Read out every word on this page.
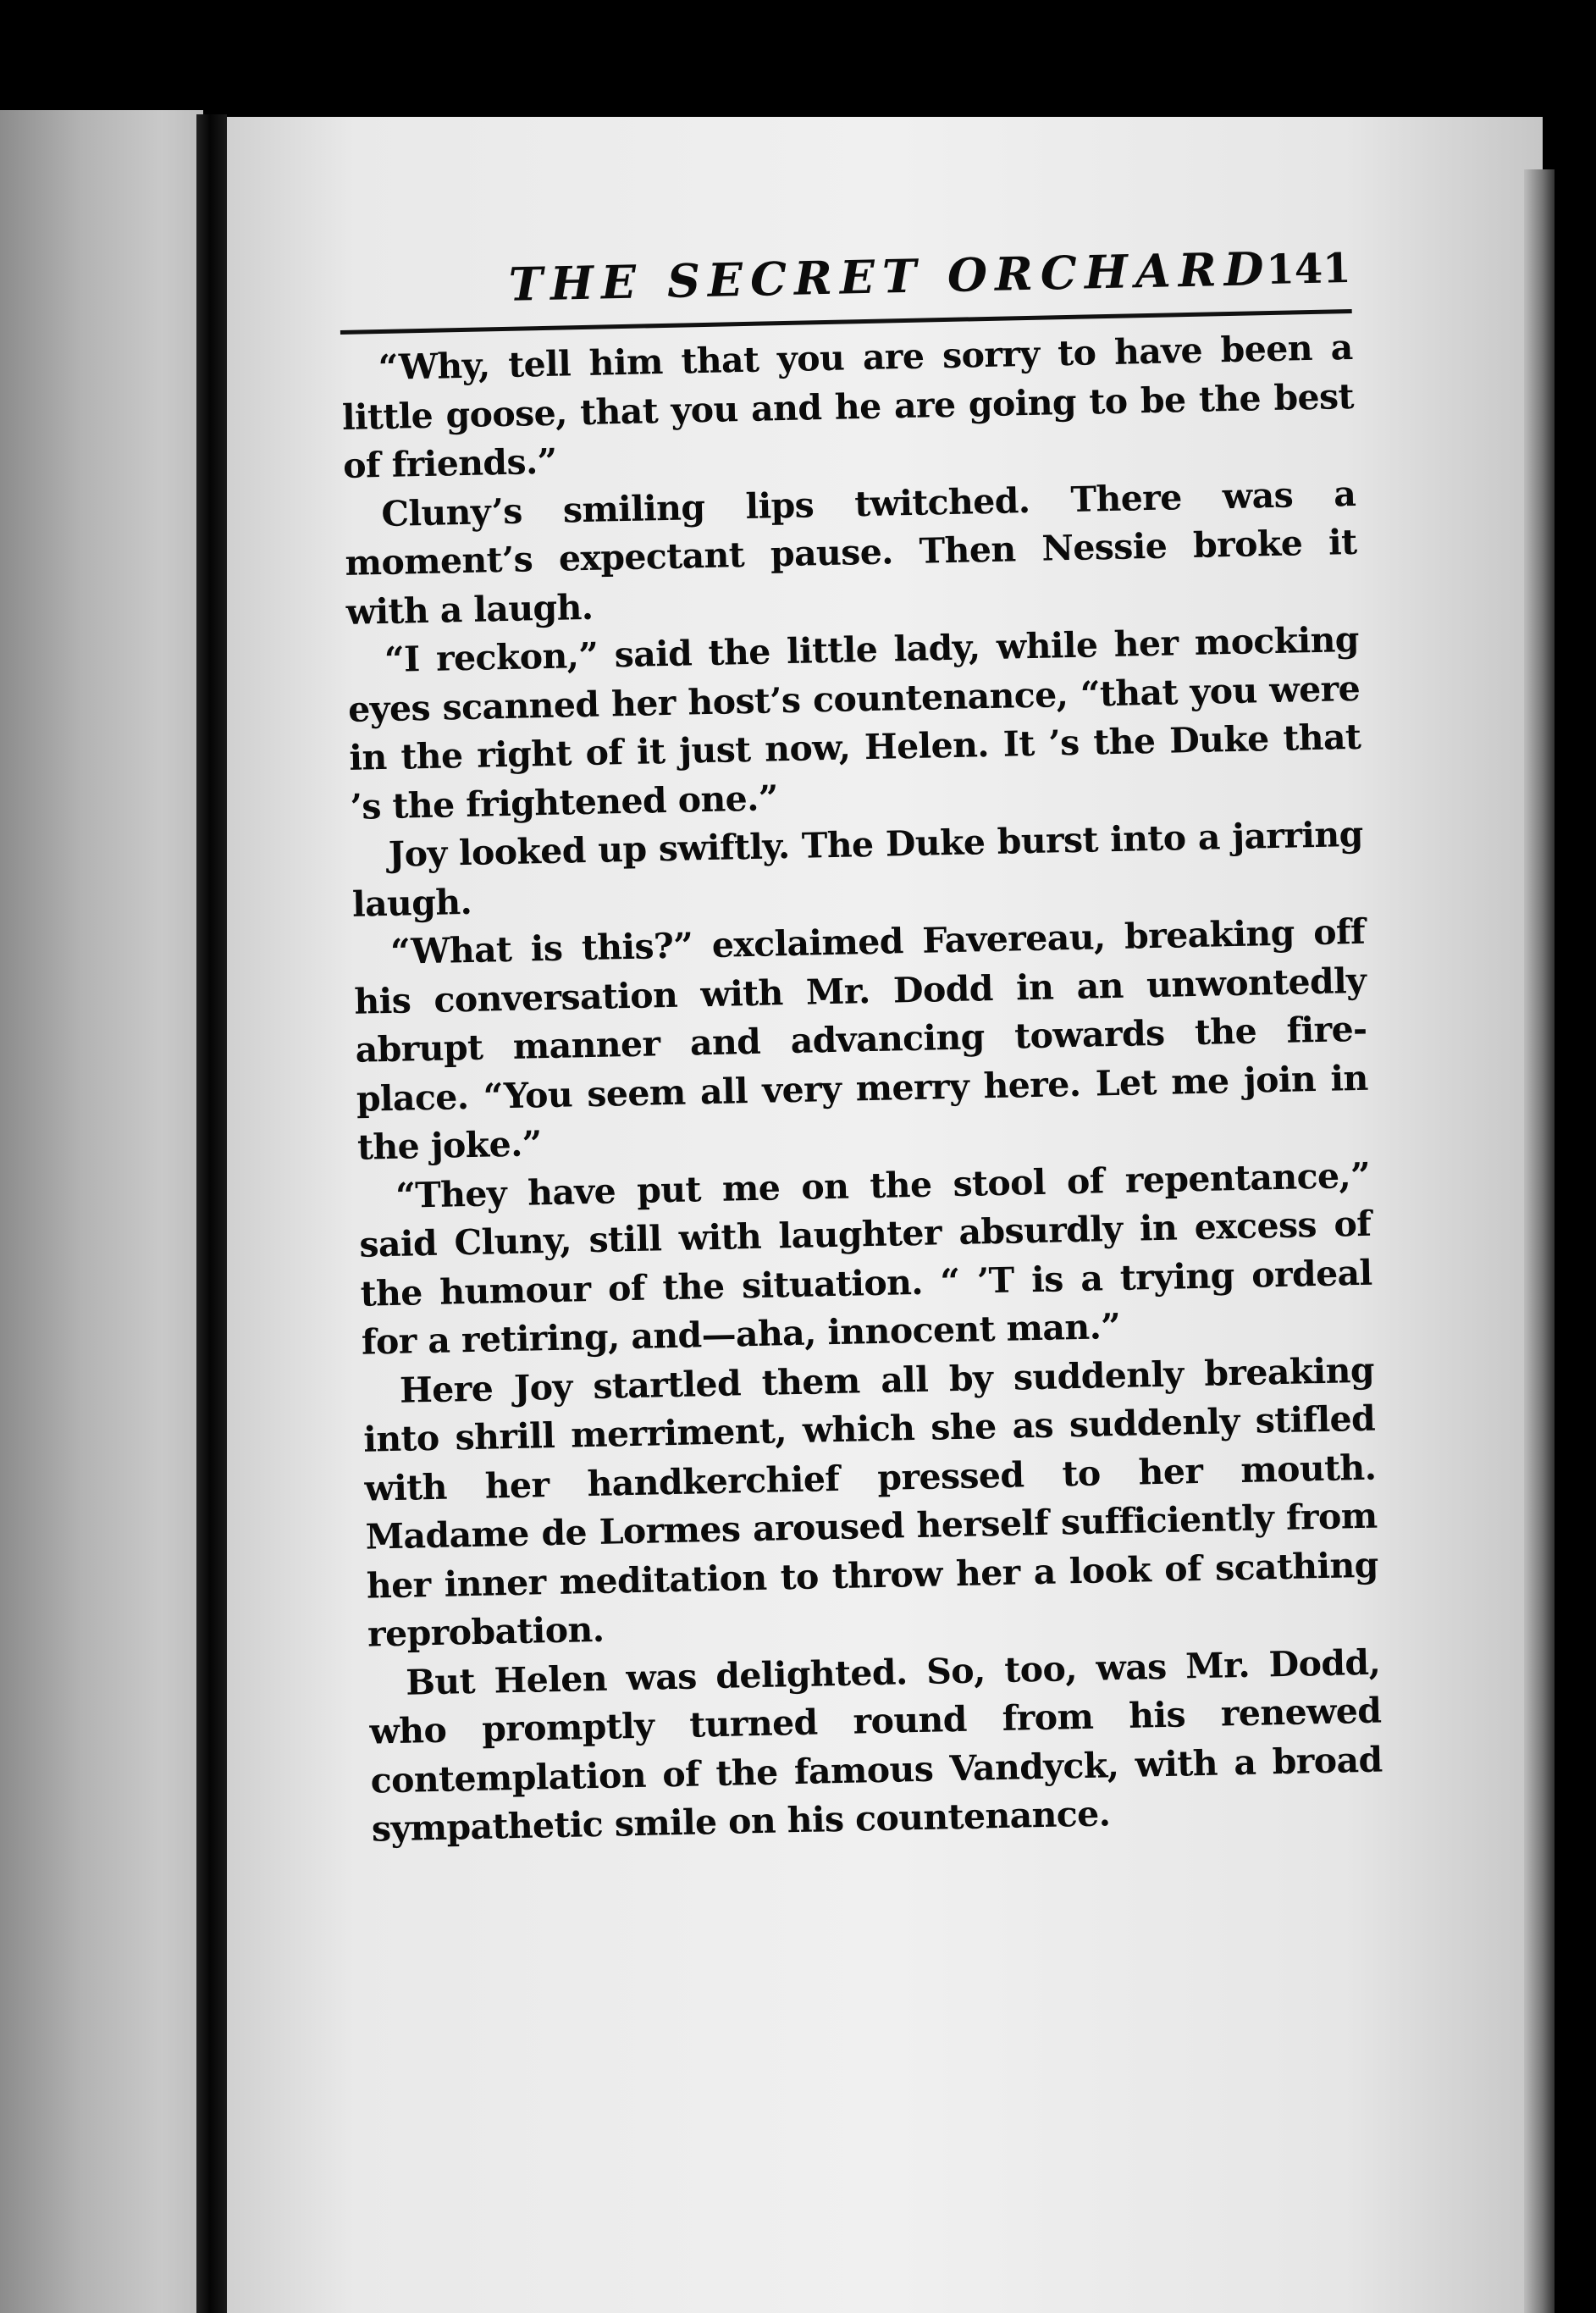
THE SECRET ORCHARD
141

“Why, tell him that you are sorry to have been a little goose, that you and he are going to be the best of friends.”

Cluny’s smiling lips twitched. There was a moment’s expectant pause. Then Nessie broke it with a laugh.

“I reckon,” said the little lady, while her mocking eyes scanned her host’s countenance, “that you were in the right of it just now, Helen. It ’s the Duke that ’s the frightened one.”

Joy looked up swiftly. The Duke burst into a jarring laugh.

“What is this?” exclaimed Favereau, breaking off his conversation with Mr. Dodd in an unwontedly abrupt manner and advancing towards the fire-place. “You seem all very merry here. Let me join in the joke.”

“They have put me on the stool of repentance,” said Cluny, still with laughter absurdly in excess of the humour of the situation. “ ’T is a trying ordeal for a retiring, and—aha, innocent man.”

Here Joy startled them all by suddenly breaking into shrill merriment, which she as suddenly stifled with her handkerchief pressed to her mouth. Madame de Lormes aroused herself sufficiently from her inner meditation to throw her a look of scathing reprobation.

But Helen was delighted. So, too, was Mr. Dodd, who promptly turned round from his renewed contemplation of the famous Vandyck, with a broad sympathetic smile on his countenance.
